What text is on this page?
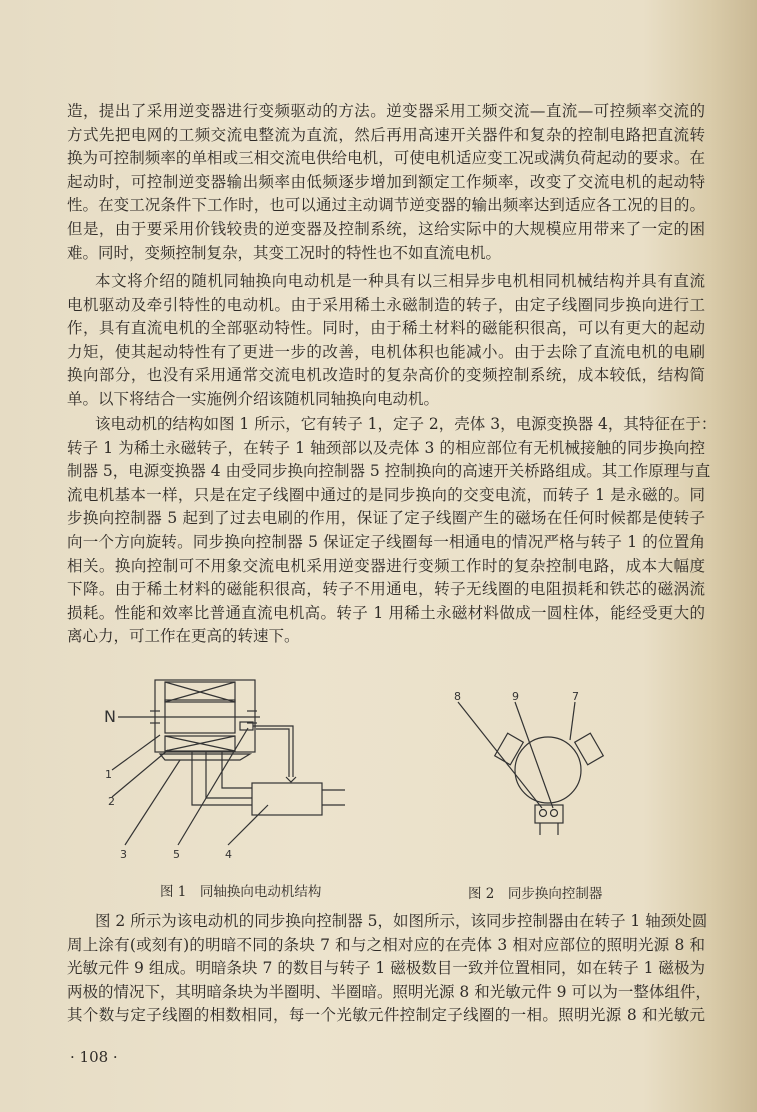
造，提出了采用逆变器进行变频驱动的方法。逆变器采用工频交流—直流—可控频率交流的
方式先把电网的工频交流电整流为直流，然后再用高速开关器件和复杂的控制电路把直流转
换为可控制频率的单相或三相交流电供给电机，可使电机适应变工况或满负荷起动的要求。在
起动时，可控制逆变器输出频率由低频逐步增加到额定工作频率，改变了交流电机的起动特
性。在变工况条件下工作时，也可以通过主动调节逆变器的输出频率达到适应各工况的目的。
但是，由于要采用价钱较贵的逆变器及控制系统，这给实际中的大规模应用带来了一定的困
难。同时，变频控制复杂，其变工况时的特性也不如直流电机。
本文将介绍的随机同轴换向电动机是一种具有以三相异步电机相同机械结构并具有直流
电机驱动及牵引特性的电动机。由于采用稀土永磁制造的转子，由定子线圈同步换向进行工
作，具有直流电机的全部驱动特性。同时，由于稀土材料的磁能积很高，可以有更大的起动
力矩，使其起动特性有了更进一步的改善，电机体积也能减小。由于去除了直流电机的电刷
换向部分，也没有采用通常交流电机改造时的复杂高价的变频控制系统，成本较低，结构简
单。以下将结合一实施例介绍该随机同轴换向电动机。
该电动机的结构如图 1 所示，它有转子 1，定子 2，壳体 3，电源变换器 4，其特征在于：
转子 1 为稀土永磁转子，在转子 1 轴颈部以及壳体 3 的相应部位有无机械接触的同步换向控
制器 5，电源变换器 4 由受同步换向控制器 5 控制换向的高速开关桥路组成。其工作原理与直
流电机基本一样，只是在定子线圈中通过的是同步换向的交变电流，而转子 1 是永磁的。同
步换向控制器 5 起到了过去电刷的作用，保证了定子线圈产生的磁场在任何时候都是使转子
向一个方向旋转。同步换向控制器 5 保证定子线圈每一相通电的情况严格与转子 1 的位置角
相关。换向控制可不用象交流电机采用逆变器进行变频工作时的复杂控制电路，成本大幅度
下降。由于稀土材料的磁能积很高，转子不用通电，转子无线圈的电阻损耗和铁芯的磁涡流
损耗。性能和效率比普通直流电机高。转子 1 用稀土永磁材料做成一圆柱体，能经受更大的
离心力，可工作在更高的转速下。
图 2 所示为该电动机的同步换向控制器 5，如图所示，该同步控制器由在转子 1 轴颈处圆
周上涂有(或刻有)的明暗不同的条块 7 和与之相对应的在壳体 3 相对应部位的照明光源 8 和
光敏元件 9 组成。明暗条块 7 的数目与转子 1 磁极数目一致并位置相同，如在转子 1 磁极为
两极的情况下，其明暗条块为半圈明、半圈暗。照明光源 8 和光敏元件 9 可以为一整体组件，
其个数与定子线圈的相数相同，每一个光敏元件控制定子线圈的一相。照明光源 8 和光敏元
N
1
2
3	5	4
8	9	7
图 1　同轴换向电动机结构	图 2　同步换向控制器
· 108 ·
